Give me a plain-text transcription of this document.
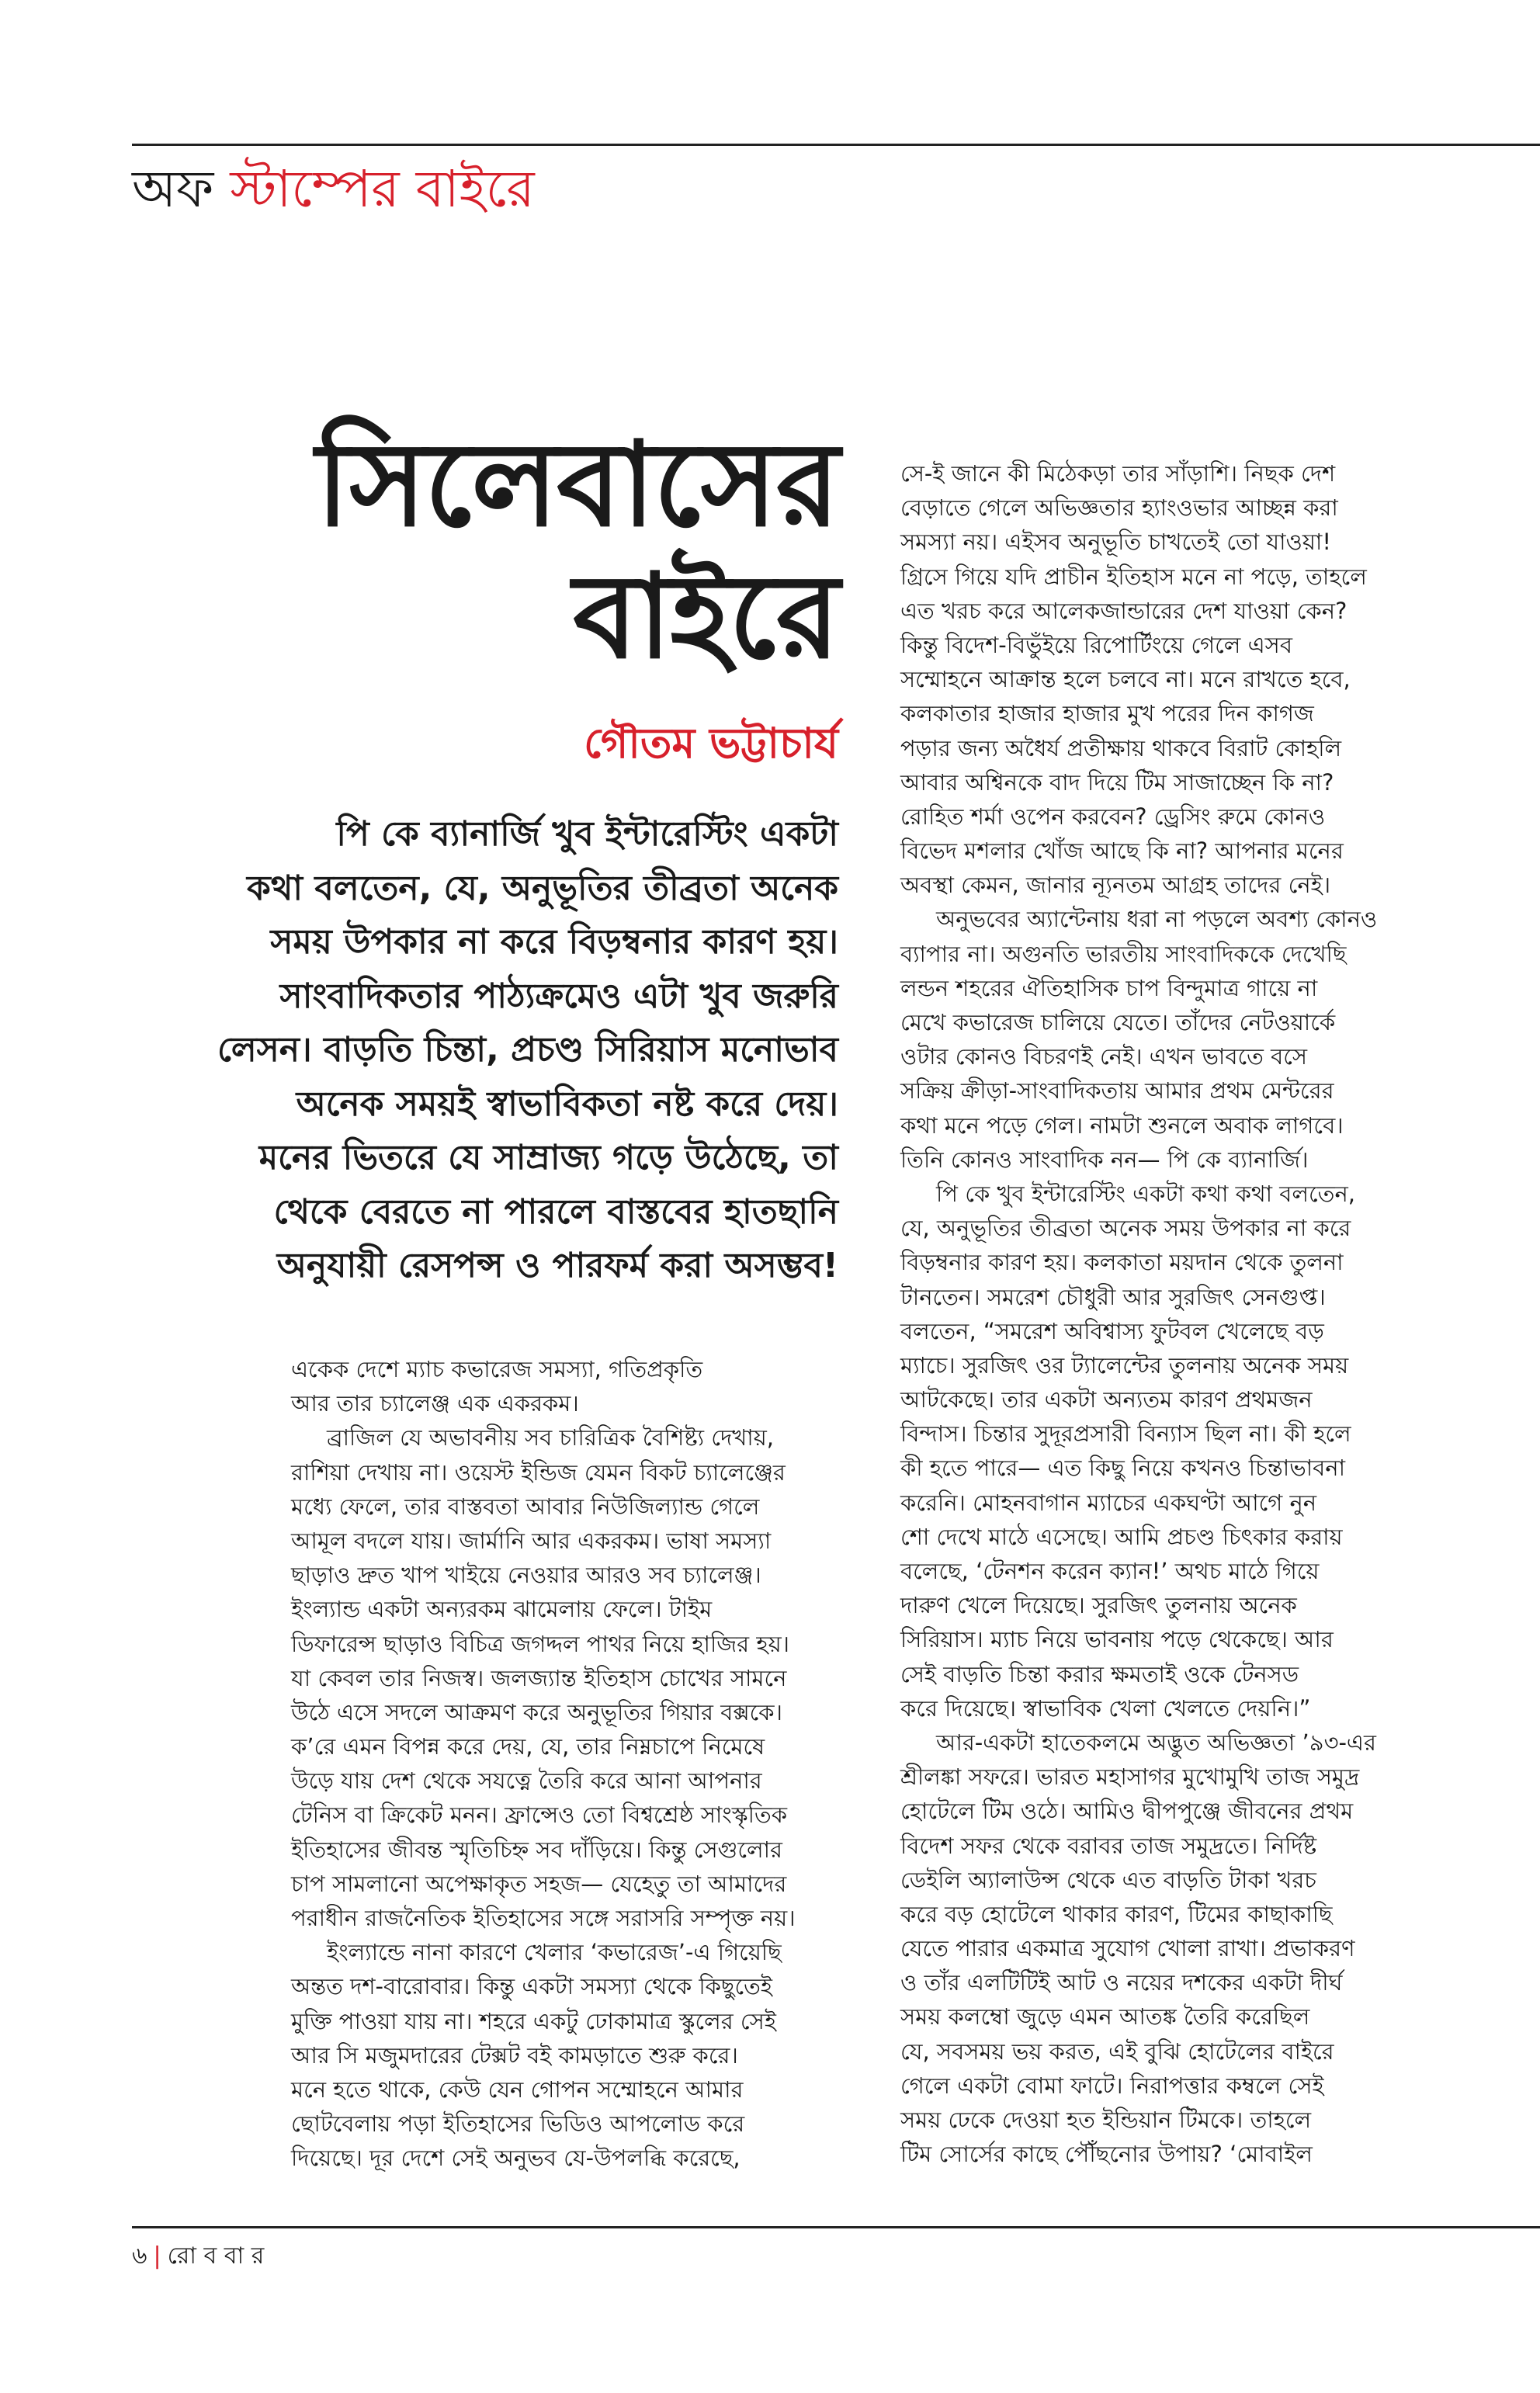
অফ স্টাম্পের বাইরে
সিলেবাসের
বাইরে
গৌতম ভট্টাচার্য
পি কে ব্যানার্জি খুব ইন্টারেস্টিং একটা
কথা বলতেন, যে, অনুভূতির তীব্রতা অনেক
সময় উপকার না করে বিড়ম্বনার কারণ হয়।
সাংবাদিকতার পাঠ্যক্রমেও এটা খুব জরুরি
লেসন। বাড়তি চিন্তা, প্রচণ্ড সিরিয়াস মনোভাব
অনেক সময়ই স্বাভাবিকতা নষ্ট করে দেয়।
মনের ভিতরে যে সাম্রাজ্য গড়ে উঠেছে, তা
থেকে বেরতে না পারলে বাস্তবের হাতছানি
অনুযায়ী রেসপন্স ও পারফর্ম করা অসম্ভব!
একেক দেশে ম্যাচ কভারেজ সমস্যা, গতিপ্রকৃতি
আর তার চ্যালেঞ্জ এক একরকম।
ব্রাজিল যে অভাবনীয় সব চারিত্রিক বৈশিষ্ট্য দেখায়,
রাশিয়া দেখায় না। ওয়েস্ট ইন্ডিজ যেমন বিকট চ্যালেঞ্জের
মধ্যে ফেলে, তার বাস্তবতা আবার নিউজিল্যান্ড গেলে
আমূল বদলে যায়। জার্মানি আর একরকম। ভাষা সমস্যা
ছাড়াও দ্রুত খাপ খাইয়ে নেওয়ার আরও সব চ্যালেঞ্জ।
ইংল্যান্ড একটা অন্যরকম ঝামেলায় ফেলে। টাইম
ডিফারেন্স ছাড়াও বিচিত্র জগদ্দল পাথর নিয়ে হাজির হয়।
যা কেবল তার নিজস্ব। জলজ্যান্ত ইতিহাস চোখের সামনে
উঠে এসে সদলে আক্রমণ করে অনুভূতির গিয়ার বক্সকে।
ক’রে এমন বিপন্ন করে দেয়, যে, তার নিম্নচাপে নিমেষে
উড়ে যায় দেশ থেকে সযত্নে তৈরি করে আনা আপনার
টেনিস বা ক্রিকেট মনন। ফ্রান্সেও তো বিশ্বশ্রেষ্ঠ সাংস্কৃতিক
ইতিহাসের জীবন্ত স্মৃতিচিহ্ন সব দাঁড়িয়ে। কিন্তু সেগুলোর
চাপ সামলানো অপেক্ষাকৃত সহজ— যেহেতু তা আমাদের
পরাধীন রাজনৈতিক ইতিহাসের সঙ্গে সরাসরি সম্পৃক্ত নয়।
ইংল্যান্ডে নানা কারণে খেলার ‘কভারেজ’-এ গিয়েছি
অন্তত দশ-বারোবার। কিন্তু একটা সমস্যা থেকে কিছুতেই
মুক্তি পাওয়া যায় না। শহরে একটু ঢোকামাত্র স্কুলের সেই
আর সি মজুমদারের টেক্সট বই কামড়াতে শুরু করে।
মনে হতে থাকে, কেউ যেন গোপন সম্মোহনে আমার
ছোটবেলায় পড়া ইতিহাসের ভিডিও আপলোড করে
দিয়েছে। দূর দেশে সেই অনুভব যে-উপলব্ধি করেছে,
সে-ই জানে কী মিঠেকড়া তার সাঁড়াশি। নিছক দেশ
বেড়াতে গেলে অভিজ্ঞতার হ্যাংওভার আচ্ছন্ন করা
সমস্যা নয়। এইসব অনুভূতি চাখতেই তো যাওয়া!
গ্রিসে গিয়ে যদি প্রাচীন ইতিহাস মনে না পড়ে, তাহলে
এত খরচ করে আলেকজান্ডারের দেশ যাওয়া কেন?
কিন্তু বিদেশ-বিভুঁইয়ে রিপোর্টিংয়ে গেলে এসব
সম্মোহনে আক্রান্ত হলে চলবে না। মনে রাখতে হবে,
কলকাতার হাজার হাজার মুখ পরের দিন কাগজ
পড়ার জন্য অধৈর্য প্রতীক্ষায় থাকবে বিরাট কোহলি
আবার অশ্বিনকে বাদ দিয়ে টিম সাজাচ্ছেন কি না?
রোহিত শর্মা ওপেন করবেন? ড্রেসিং রুমে কোনও
বিভেদ মশলার খোঁজ আছে কি না? আপনার মনের
অবস্থা কেমন, জানার ন্যূনতম আগ্রহ তাদের নেই।
অনুভবের অ্যান্টেনায় ধরা না পড়লে অবশ্য কোনও
ব্যাপার না। অগুনতি ভারতীয় সাংবাদিককে দেখেছি
লন্ডন শহরের ঐতিহাসিক চাপ বিন্দুমাত্র গায়ে না
মেখে কভারেজ চালিয়ে যেতে। তাঁদের নেটওয়ার্কে
ওটার কোনও বিচরণই নেই। এখন ভাবতে বসে
সক্রিয় ক্রীড়া-সাংবাদিকতায় আমার প্রথম মেন্টরের
কথা মনে পড়ে গেল। নামটা শুনলে অবাক লাগবে।
তিনি কোনও সাংবাদিক নন— পি কে ব্যানার্জি।
পি কে খুব ইন্টারেস্টিং একটা কথা কথা বলতেন,
যে, অনুভূতির তীব্রতা অনেক সময় উপকার না করে
বিড়ম্বনার কারণ হয়। কলকাতা ময়দান থেকে তুলনা
টানতেন। সমরেশ চৌধুরী আর সুরজিৎ সেনগুপ্ত।
বলতেন, “সমরেশ অবিশ্বাস্য ফুটবল খেলেছে বড়
ম্যাচে। সুরজিৎ ওর ট্যালেন্টের তুলনায় অনেক সময়
আটকেছে। তার একটা অন্যতম কারণ প্রথমজন
বিন্দাস। চিন্তার সুদূরপ্রসারী বিন্যাস ছিল না। কী হলে
কী হতে পারে— এত কিছু নিয়ে কখনও চিন্তাভাবনা
করেনি। মোহনবাগান ম্যাচের একঘণ্টা আগে নুন
শো দেখে মাঠে এসেছে। আমি প্রচণ্ড চিৎকার করায়
বলেছে, ‘টেনশন করেন ক্যান!’ অথচ মাঠে গিয়ে
দারুণ খেলে দিয়েছে। সুরজিৎ তুলনায় অনেক
সিরিয়াস। ম্যাচ নিয়ে ভাবনায় পড়ে থেকেছে। আর
সেই বাড়তি চিন্তা করার ক্ষমতাই ওকে টেনসড
করে দিয়েছে। স্বাভাবিক খেলা খেলতে দেয়নি।”
আর-একটা হাতেকলমে অদ্ভুত অভিজ্ঞতা ’৯৩-এর
শ্রীলঙ্কা সফরে। ভারত মহাসাগর মুখোমুখি তাজ সমুদ্র
হোটেলে টিম ওঠে। আমিও দ্বীপপুঞ্জে জীবনের প্রথম
বিদেশ সফর থেকে বরাবর তাজ সমুদ্রতে। নির্দিষ্ট
ডেইলি অ্যালাউন্স থেকে এত বাড়তি টাকা খরচ
করে বড় হোটেলে থাকার কারণ, টিমের কাছাকাছি
যেতে পারার একমাত্র সুযোগ খোলা রাখা। প্রভাকরণ
ও তাঁর এলটিটিই আট ও নয়ের দশকের একটা দীর্ঘ
সময় কলম্বো জুড়ে এমন আতঙ্ক তৈরি করেছিল
যে, সবসময় ভয় করত, এই বুঝি হোটেলের বাইরে
গেলে একটা বোমা ফাটে। নিরাপত্তার কম্বলে সেই
সময় ঢেকে দেওয়া হত ইন্ডিয়ান টিমকে। তাহলে
টিম সোর্সের কাছে পৌঁছনোর উপায়? ‘মোবাইল
৬ | রো ব বা র
